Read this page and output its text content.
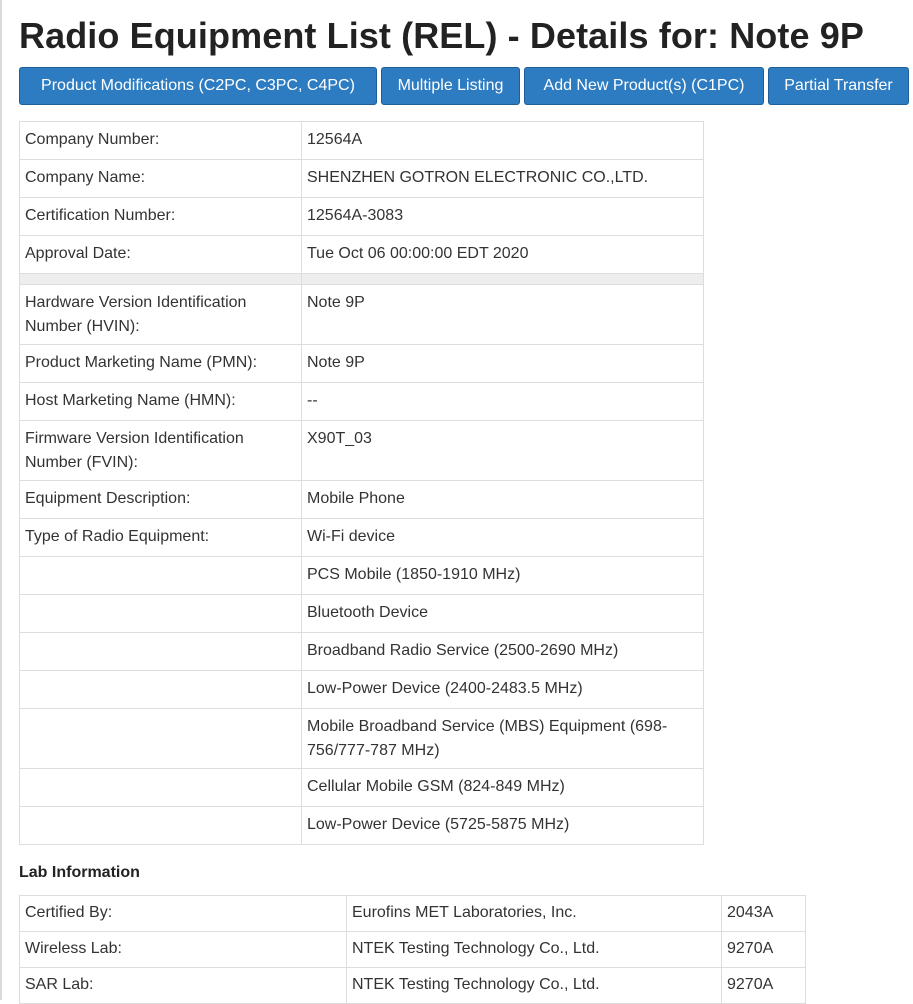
Radio Equipment List (REL) - Details for: Note 9P
Product Modifications (C2PC, C3PC, C4PC)	Multiple Listing	Add New Product(s) (C1PC)	Partial Transfer
Company Number:	12564A
Company Name:	SHENZHEN GOTRON ELECTRONIC CO.,LTD.
Certification Number:	12564A-3083
Approval Date:	Tue Oct 06 00:00:00 EDT 2020

Hardware Version Identification Number (HVIN):	Note 9P
Product Marketing Name (PMN):	Note 9P
Host Marketing Name (HMN):	--
Firmware Version Identification Number (FVIN):	X90T_03
Equipment Description:	Mobile Phone
Type of Radio Equipment:	Wi-Fi device
	PCS Mobile (1850-1910 MHz)
	Bluetooth Device
	Broadband Radio Service (2500-2690 MHz)
	Low-Power Device (2400-2483.5 MHz)
	Mobile Broadband Service (MBS) Equipment (698-756/777-787 MHz)
	Cellular Mobile GSM (824-849 MHz)
	Low-Power Device (5725-5875 MHz)
Lab Information
Certified By:	Eurofins MET Laboratories, Inc.	2043A
Wireless Lab:	NTEK Testing Technology Co., Ltd.	9270A
SAR Lab:	NTEK Testing Technology Co., Ltd.	9270A
